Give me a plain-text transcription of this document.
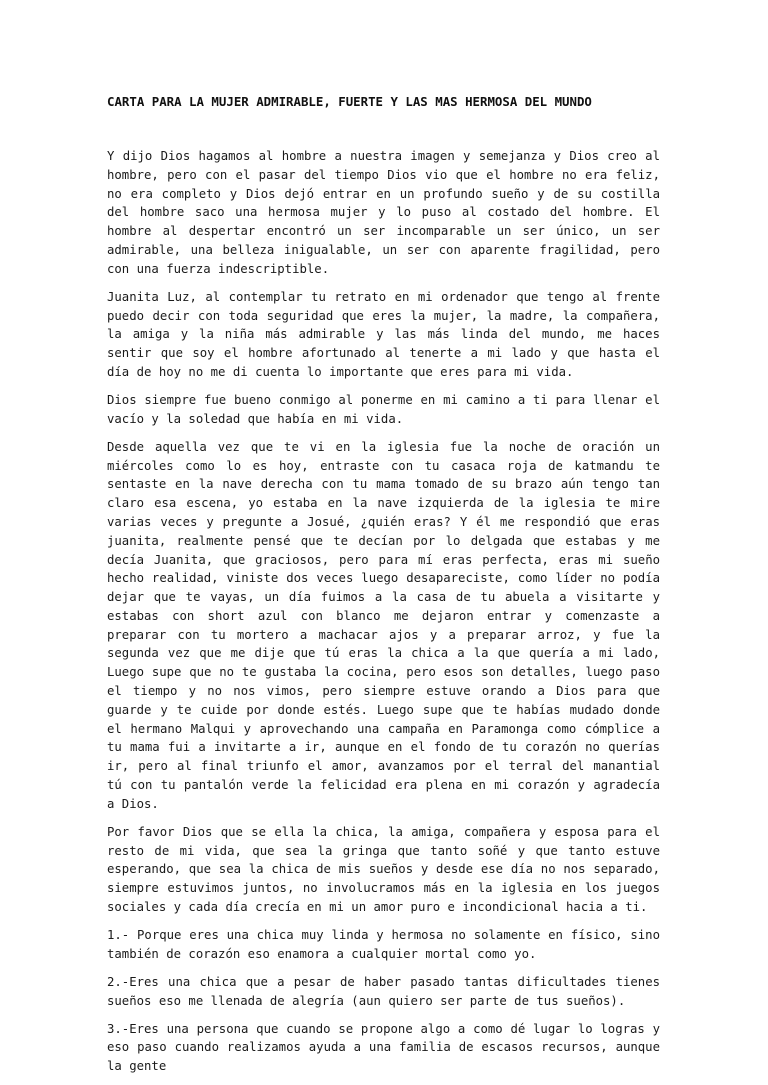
CARTA PARA LA MUJER ADMIRABLE, FUERTE Y LAS MAS HERMOSA DEL MUNDO

Y dijo Dios hagamos al hombre a nuestra imagen y semejanza y Dios creo al hombre, pero con el pasar del tiempo Dios vio que el hombre no era feliz, no era completo y Dios dejó entrar en un profundo sueño y de su costilla del hombre saco una hermosa mujer y lo puso al costado del hombre. El hombre al despertar encontró un ser incomparable un ser único, un ser admirable, una belleza inigualable, un ser con aparente fragilidad, pero con una fuerza indescriptible.

Juanita Luz, al contemplar tu retrato en mi ordenador que tengo al frente puedo decir con toda seguridad que eres la mujer, la madre, la compañera, la amiga y la niña más admirable y las más linda del mundo, me haces sentir que soy el hombre afortunado al tenerte a mi lado y que hasta el día de hoy no me di cuenta lo importante que eres para mi vida.

Dios siempre fue bueno conmigo al ponerme en mi camino a ti para llenar el vacío y la soledad que había en mi vida.

Desde aquella vez que te vi en la iglesia fue la noche de oración un miércoles como lo es hoy, entraste con tu casaca roja de katmandu te sentaste en la nave derecha con tu mama tomado de su brazo aún tengo tan claro esa escena, yo estaba en la nave izquierda de la iglesia te mire varias veces y pregunte a Josué, ¿quién eras? Y él me respondió que eras juanita, realmente pensé que te decían por lo delgada que estabas y me decía Juanita, que graciosos, pero para mí eras perfecta, eras mi sueño hecho realidad, viniste dos veces luego desapareciste, como líder no podía dejar que te vayas, un día fuimos a la casa de tu abuela a visitarte y estabas con short azul con blanco me dejaron entrar y comenzaste a preparar con tu mortero a machacar ajos y a preparar arroz, y fue la segunda vez que me dije que tú eras la chica a la que quería a mi lado, Luego supe que no te gustaba la cocina, pero esos son detalles, luego paso el tiempo y no nos vimos, pero siempre estuve orando a Dios para que guarde y te cuide por donde estés. Luego supe que te habías mudado donde el hermano Malqui y aprovechando una campaña en Paramonga como cómplice a tu mama fui a invitarte a ir, aunque en el fondo de tu corazón no querías ir, pero al final triunfo el amor, avanzamos por el terral del manantial tú con tu pantalón verde la felicidad era plena en mi corazón y agradecía a Dios.

Por favor Dios que se ella la chica, la amiga, compañera y esposa para el resto de mi vida, que sea la gringa que tanto soñé y que tanto estuve esperando, que sea la chica de mis sueños y desde ese día no nos separado, siempre estuvimos juntos, no involucramos más en la iglesia en los juegos sociales y cada día crecía en mi un amor puro e incondicional hacia a ti.

1.- Porque eres una chica muy linda y hermosa no solamente en físico, sino también de corazón eso enamora a cualquier mortal como yo.

2.-Eres una chica que a pesar de haber pasado tantas dificultades tienes sueños eso me llenada de alegría (aun quiero ser parte de tus sueños).

3.-Eres una persona que cuando se propone algo a como dé lugar lo logras y eso paso cuando realizamos ayuda a una familia de escasos recursos, aunque la gente
